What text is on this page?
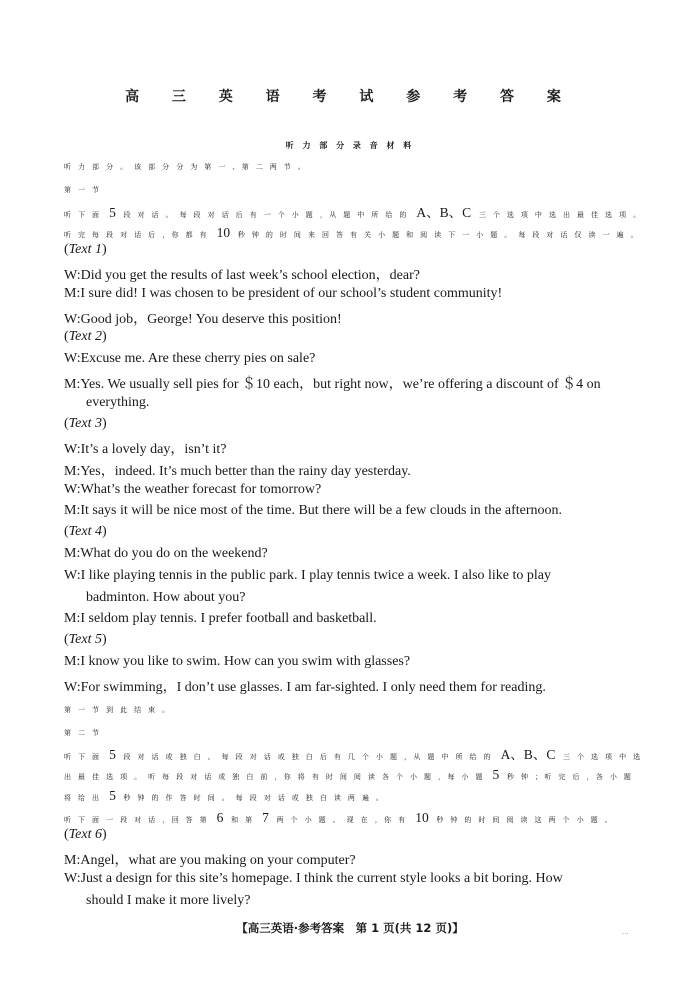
高 三 英 语 考 试 参 考 答 案
听 力 部 分 录 音 材 料
听 力 部 分 。 该 部 分 分 为 第 一 、第 二 两 节 。
第 一 节
听 下 面 5 段 对 话 。 每 段 对 话 后 有 一 个 小 题 ，从 题 中 所 给 的 A、B、C 三 个 选 项 中 选 出 最 佳 选 项 。
听 完 每 段 对 话 后 ，你 都 有 10 秒 钟 的 时 间 来 回 答 有 关 小 题 和 阅 读 下 一 小 题 。 每 段 对 话 仅 读 一 遍 。
(Text 1)
W:Did you get the results of last week’s school election，dear?
M:I sure did! I was chosen to be president of our school’s student community!
W:Good job，George! You deserve this position!
(Text 2)
W:Excuse me. Are these cherry pies on sale?
M:Yes. We usually sell pies for ＄10 each，but right now，we’re offering a discount of ＄4 on
everything.
(Text 3)
W:It’s a lovely day，isn’t it?
M:Yes，indeed. It’s much better than the rainy day yesterday.
W:What’s the weather forecast for tomorrow?
M:It says it will be nice most of the time. But there will be a few clouds in the afternoon.
(Text 4)
M:What do you do on the weekend?
W:I like playing tennis in the public park. I play tennis twice a week. I also like to play
badminton. How about you?
M:I seldom play tennis. I prefer football and basketball.
(Text 5)
M:I know you like to swim. How can you swim with glasses?
W:For swimming，I don’t use glasses. I am far-sighted. I only need them for reading.
第 一 节 到 此 结 束 。
第 二 节
听 下 面 5 段 对 话 或 独 白 。 每 段 对 话 或 独 白 后 有 几 个 小 题 ，从 题 中 所 给 的 A、B、C 三 个 选 项 中 选
出 最 佳 选 项 。 听 每 段 对 话 或 独 白 前 ，你 将 有 时 间 阅 读 各 个 小 题 ，每 小 题 5 秒 钟 ；听 完 后 ，各 小 题
将 给 出 5 秒 钟 的 作 答 时 间 。 每 段 对 话 或 独 白 读 两 遍 。
听 下 面 一 段 对 话 ，回 答 第 6 和 第 7 两 个 小 题 。 现 在 ，你 有 10 秒 钟 的 时 间 阅 读 这 两 个 小 题 。
(Text 6)
M:Angel，what are you making on your computer?
W:Just a design for this site’s homepage. I think the current style looks a bit boring. How
should I make it more lively?
【高三英语·参考答案　第 1 页(共 12 页)】	...
